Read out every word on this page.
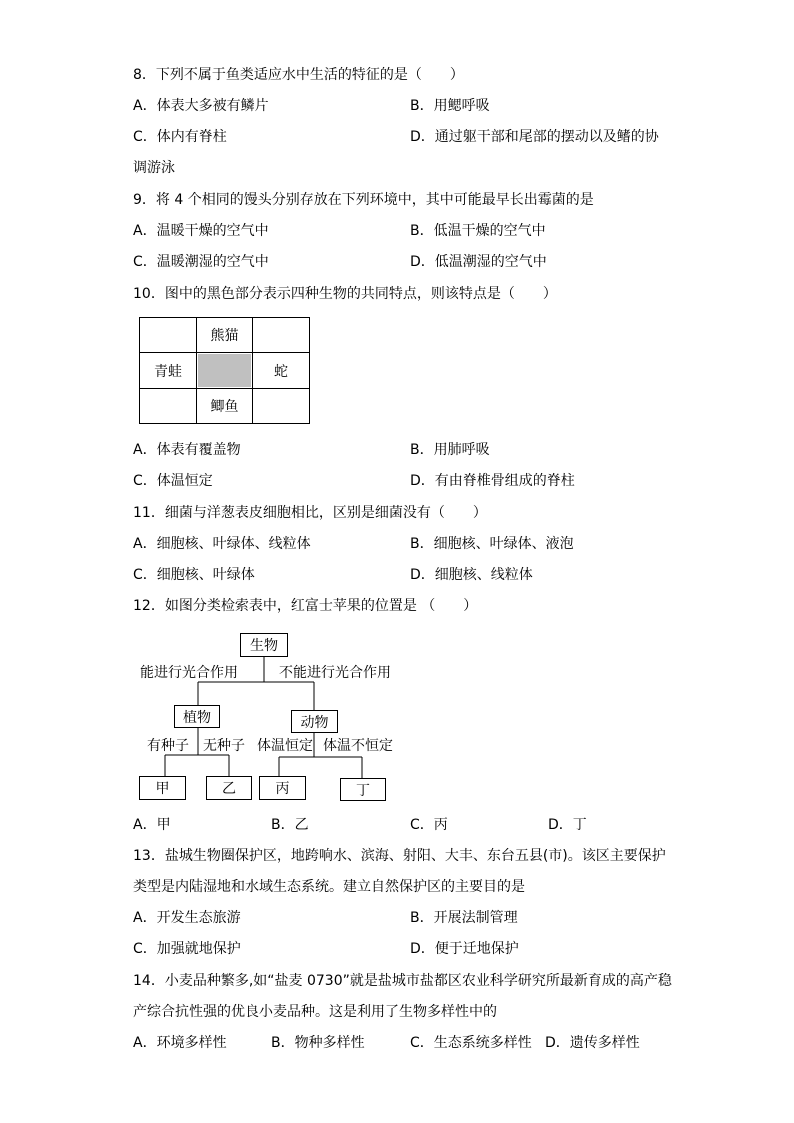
8．下列不属于鱼类适应水中生活的特征的是（　　）
A．体表大多被有鳞片	B．用鳃呼吸
C．体内有脊柱	D．通过躯干部和尾部的摆动以及鳍的协
调游泳
9．将 4 个相同的馒头分别存放在下列环境中，其中可能最早长出霉菌的是
A．温暖干燥的空气中	B．低温干燥的空气中
C．温暖潮湿的空气中	D．低温潮湿的空气中
10．图中的黑色部分表示四种生物的共同特点，则该特点是（　　）
熊猫
青蛙	蛇
鲫鱼
A．体表有覆盖物	B．用肺呼吸
C．体温恒定	D．有由脊椎骨组成的脊柱
11．细菌与洋葱表皮细胞相比，区别是细菌没有（　　）
A．细胞核、叶绿体、线粒体	B．细胞核、叶绿体、液泡
C．细胞核、叶绿体	D．细胞核、线粒体
12．如图分类检索表中，红富士苹果的位置是 （　　）
生物
能进行光合作用	不能进行光合作用
植物	动物
有种子 无种子 体温恒定 体温不恒定
甲	乙	丙	丁
A．甲	B．乙	C．丙	D．丁
13．盐城生物圈保护区，地跨响水、滨海、射阳、大丰、东台五县(市)。该区主要保护
类型是内陆湿地和水域生态系统。建立自然保护区的主要目的是
A．开发生态旅游	B．开展法制管理
C．加强就地保护	D．便于迁地保护
14．小麦品种繁多,如“盐麦 0730”就是盐城市盐都区农业科学研究所最新育成的高产稳
产综合抗性强的优良小麦品种。这是利用了生物多样性中的
A．环境多样性	B．物种多样性	C．生态系统多样性 D．遗传多样性
